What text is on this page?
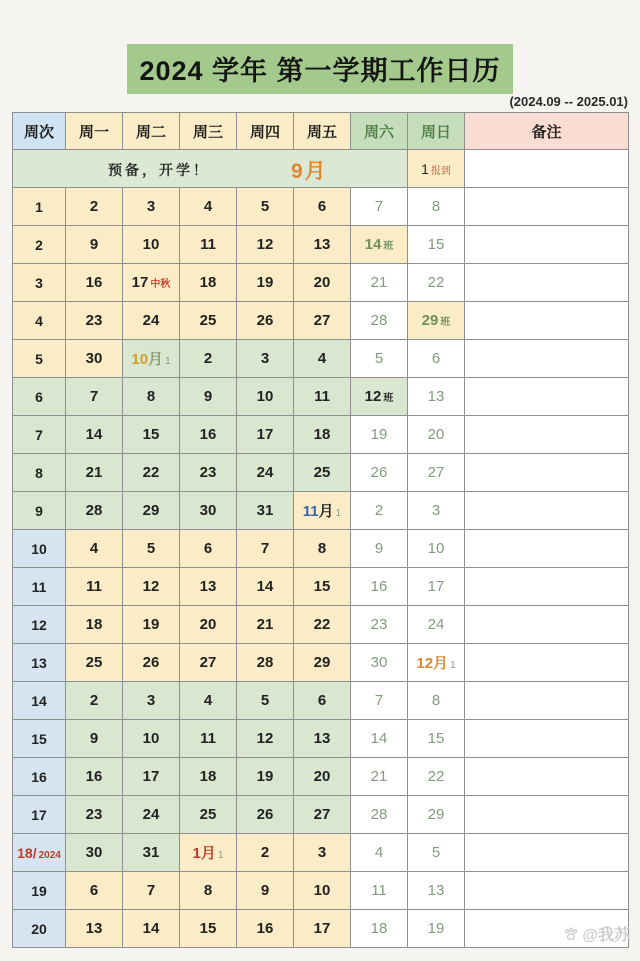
2024 学年 第一学期工作日历
(2024.09 -- 2025.01)
周次	周一	周二	周三	周四	周五	周六	周日	备注

预备，开学！ 9月							1 报到	
1	2	3	4	5	6	7	8	
2	9	10	11	12	13	14 班	15	
3	16	17 中秋	18	19	20	21	22	
4	23	24	25	26	27	28	29 班	
5	30	10月 1	2	3	4	5	6	
6	7	8	9	10	11	12 班	13	
7	14	15	16	17	18	19	20	
8	21	22	23	24	25	26	27	
9	28	29	30	31	11月 1	2	3	
10	4	5	6	7	8	9	10	
11	11	12	13	14	15	16	17	
12	18	19	20	21	22	23	24	
13	25	26	27	28	29	30	12月 1	
14	2	3	4	5	6	7	8	
15	9	10	11	12	13	14	15	
16	16	17	18	19	20	21	22	
17	23	24	25	26	27	28	29	
18/ 2024	30	31	1月 1	2	3	4	5	
19	6	7	8	9	10	11	13	
20	13	14	15	16	17	18	19		@我苏
